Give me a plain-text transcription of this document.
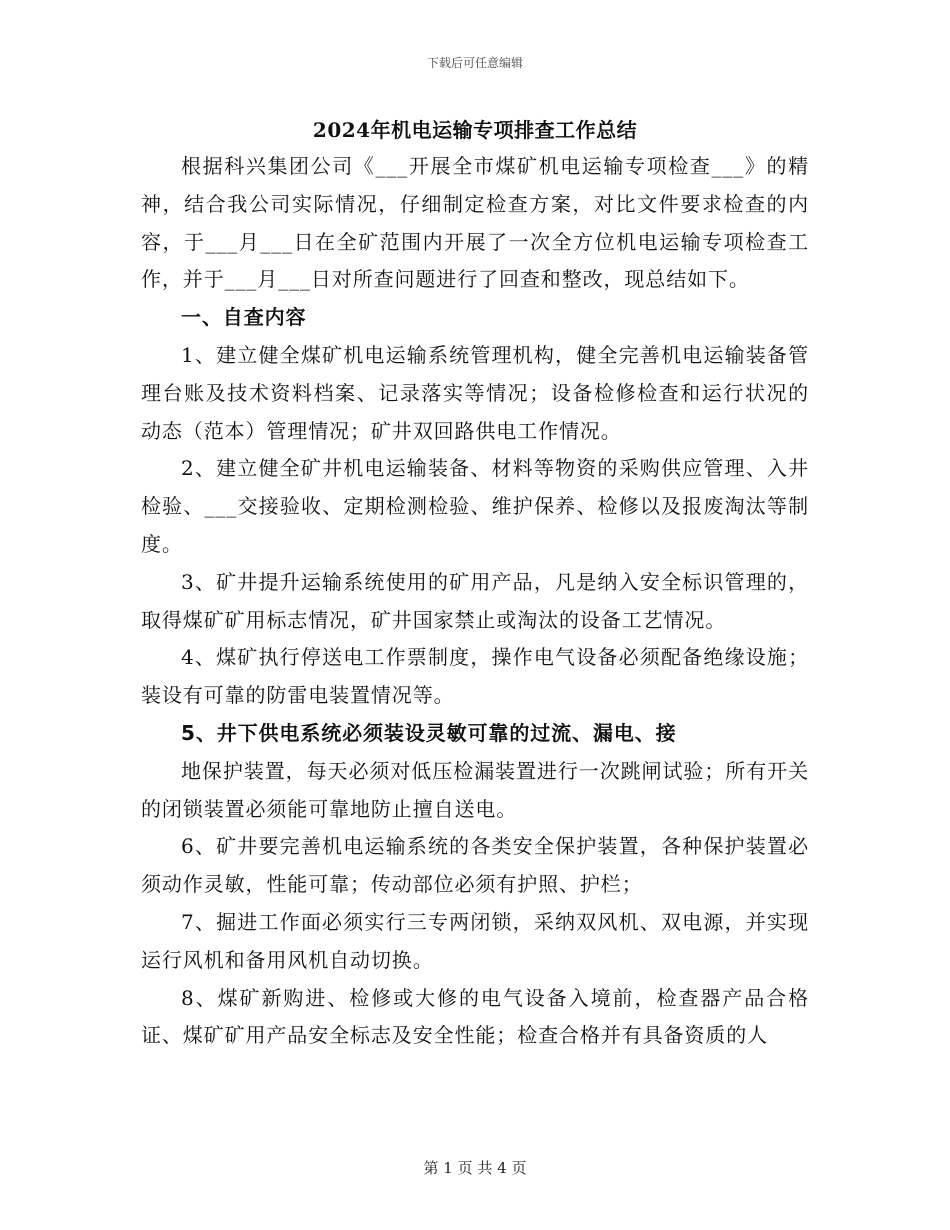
下载后可任意编辑
2024年机电运输专项排查工作总结

根据科兴集团公司《___开展全市煤矿机电运输专项检查___》的精神，结合我公司实际情况，仔细制定检查方案，对比文件要求检查的内容，于___月___日在全矿范围内开展了一次全方位机电运输专项检查工作，并于___月___日对所查问题进行了回查和整改，现总结如下。

一、自查内容

1、建立健全煤矿机电运输系统管理机构，健全完善机电运输装备管理台账及技术资料档案、记录落实等情况；设备检修检查和运行状况的动态（范本）管理情况；矿井双回路供电工作情况。

2、建立健全矿井机电运输装备、材料等物资的采购供应管理、入井检验、___交接验收、定期检测检验、维护保养、检修以及报废淘汰等制度。

3、矿井提升运输系统使用的矿用产品，凡是纳入安全标识管理的，取得煤矿矿用标志情况，矿井国家禁止或淘汰的设备工艺情况。

4、煤矿执行停送电工作票制度，操作电气设备必须配备绝缘设施；装设有可靠的防雷电装置情况等。

5、井下供电系统必须装设灵敏可靠的过流、漏电、接

地保护装置，每天必须对低压检漏装置进行一次跳闸试验；所有开关的闭锁装置必须能可靠地防止擅自送电。

6、矿井要完善机电运输系统的各类安全保护装置，各种保护装置必须动作灵敏，性能可靠；传动部位必须有护照、护栏；

7、掘进工作面必须实行三专两闭锁，采纳双风机、双电源，并实现运行风机和备用风机自动切换。

8、煤矿新购进、检修或大修的电气设备入境前，检查器产品合格证、煤矿矿用产品安全标志及安全性能；检查合格并有具备资质的人

第 1 页 共 4 页
